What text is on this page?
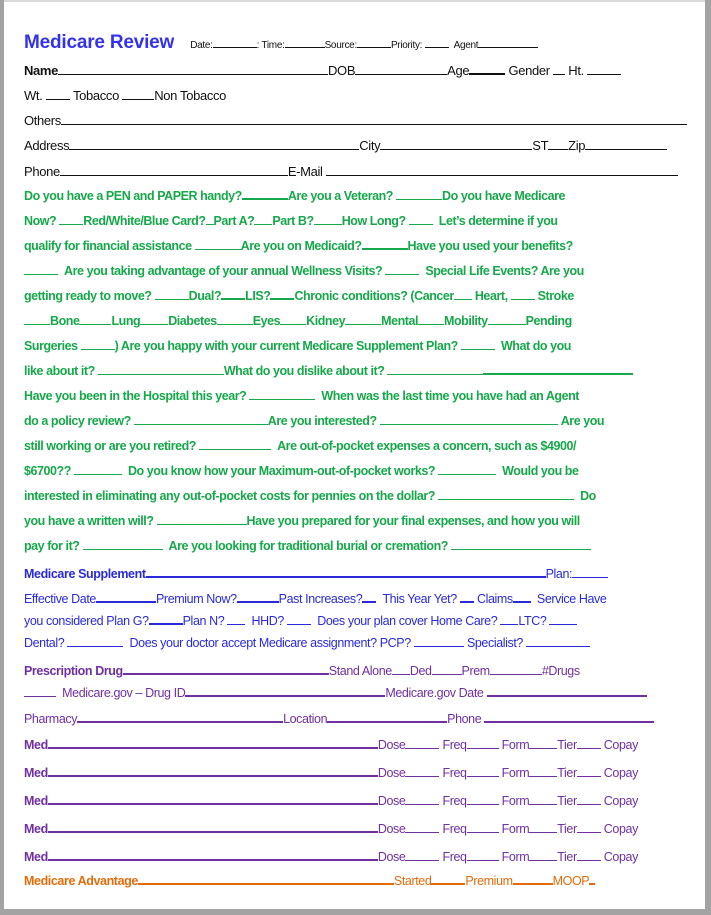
Medicare Review Date:	: Time:	Source:	Priority:	Agent
Name	DOB	Age	Gender Ht.
Wt. Tobacco	Non Tobacco
Others
Address	City	ST Zip
Phone	E-Mail
Do you have a PEN and PAPER handy?	Are you a Veteran?	Do you have Medicare
Now? Red/White/Blue Card? Part A? Part B? How Long?	Let’s determine if you
qualify for financial assistance	Are you on Medicaid?	Have you used your benefits?
Are you taking advantage of your annual Wellness Visits?	Special Life Events? Are you
getting ready to move?	Dual? LIS? Chronic conditions? (Cancer Heart, Stroke
Bone	Lung Diabetes	Eyes Kidney	Mental Mobility	Pending
Surgeries	) Are you happy with your current Medicare Supplement Plan?	What do you
like about it?	What do you dislike about it?
Have you been in the Hospital this year?	When was the last time you have had an Agent
do a policy review?	Are you interested?	Are you
still working or are you retired?	Are out-of-pocket expenses a concern, such as $4900/
$6700??	Do you know how your Maximum-out-of-pocket works?	Would you be
interested in eliminating any out-of-pocket costs for pennies on the dollar?	Do
you have a written will?	Have you prepared for your final expenses, and how you will
pay for it?	Are you looking for traditional burial or cremation?
Medicare Supplement	Plan:
Effective Date	Premium Now?	Past Increases? This Year Yet? Claims Service Have
you considered Plan G?	Plan N? HHD?	Does your plan cover Home Care? LTC?
Dental?	Does your doctor accept Medicare assignment? PCP?	Specialist?
Prescription Drug	Stand Alone Ded Prem	#Drugs
Medicare.gov – Drug ID	Medicare.gov Date
Pharmacy	Location	Phone
Med	Dose	Freq	Form Tier Copay
Med	Dose	Freq	Form Tier Copay
Med	Dose	Freq	Form Tier Copay
Med	Dose	Freq	Form Tier Copay
Med	Dose	Freq	Form Tier Copay
Medicare Advantage	Started	Premium	MOOP
